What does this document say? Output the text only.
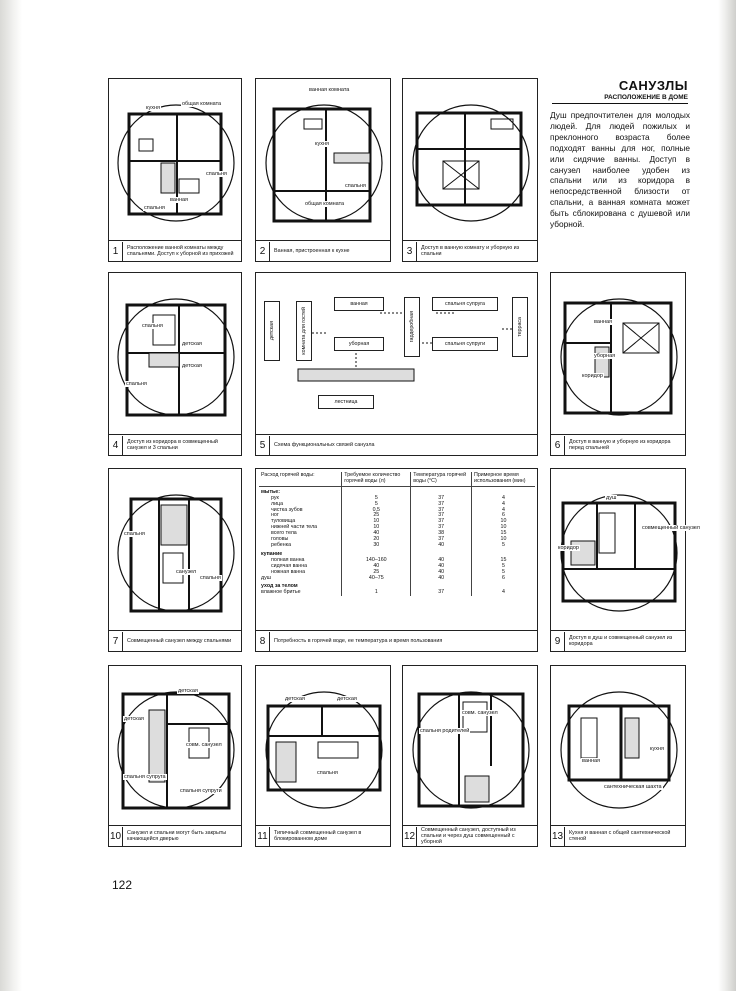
САНУЗЛЫ
РАСПОЛОЖЕНИЕ В ДОМЕ
Душ предпочтителен для молодых людей. Для людей пожилых и преклонного возраста более подходят ванны для ног, полные или сидячие ванны. Доступ в санузел наиболее удобен из спальни или из коридора в непосредственной близости от спальни, а ванная комната может быть сблокирована с душевой или уборной.
кухня
общая комната
спальня
ванная
спальня
1	Расположение ванной комнаты между спальнями. Доступ к уборной из прихожей
ванная комната
кухня
спальня
общая комната
2	Ванная, пристроенная к кухне	3	Доступ в ванную комнату и уборную из спальни
спальня
детская
детская
спальня
4	Доступ из коридора в совмещенный санузел и 3 спальни
детская	комната для гостей
ванная
уборная
гардеробная
спальня супруга
спальня супруги
терраса
лестница
5	Схема функциональных связей санузла
ванная
уборная
коридор
6	Доступ в ванную и уборную из коридора перед спальней
спальня
санузел
спальня
7	Совмещенный санузел между спальнями
Расход горячей воды:	Требуемое количество горячей воды (л)	Температура горячей воды (°С)	Примерное время использования (мин)
мытье:			
рук	5	37	4
лица	5	37	4
чистка зубов	0,5	37	4
ног	25	37	6
туловища	10	37	10
нижней части тела	10	37	10
всего тела	40	38	15
головы	20	37	10
ребенка	30	40	5
купание			
полная ванна	140–160	40	15
сидячая ванна	40	40	5
ножная ванна	25	40	5
душ	40–75	40	6
уход за телом			
влажное бритье	1	37	4
8	Потребность в горячей воде, ее температура и время пользования
душ
совмещенный санузел
коридор
9	Доступ в душ и совмещенный санузел из коридора
детская
детская
совм. санузел
спальня супруга
спальня супруги
10	Санузел и спальни могут быть закрыты качающейся дверью
детская	детская
спальня
11	Типичный совмещенный санузел в блокированном доме
совм. санузел
спальня родителей
12
Совмещенный санузел, доступный из спальни и через душ совмещенный с уборной
ванная
кухня
сантехническая шахта
13	Кухня и ванная с общей сантехнической стеной
122
